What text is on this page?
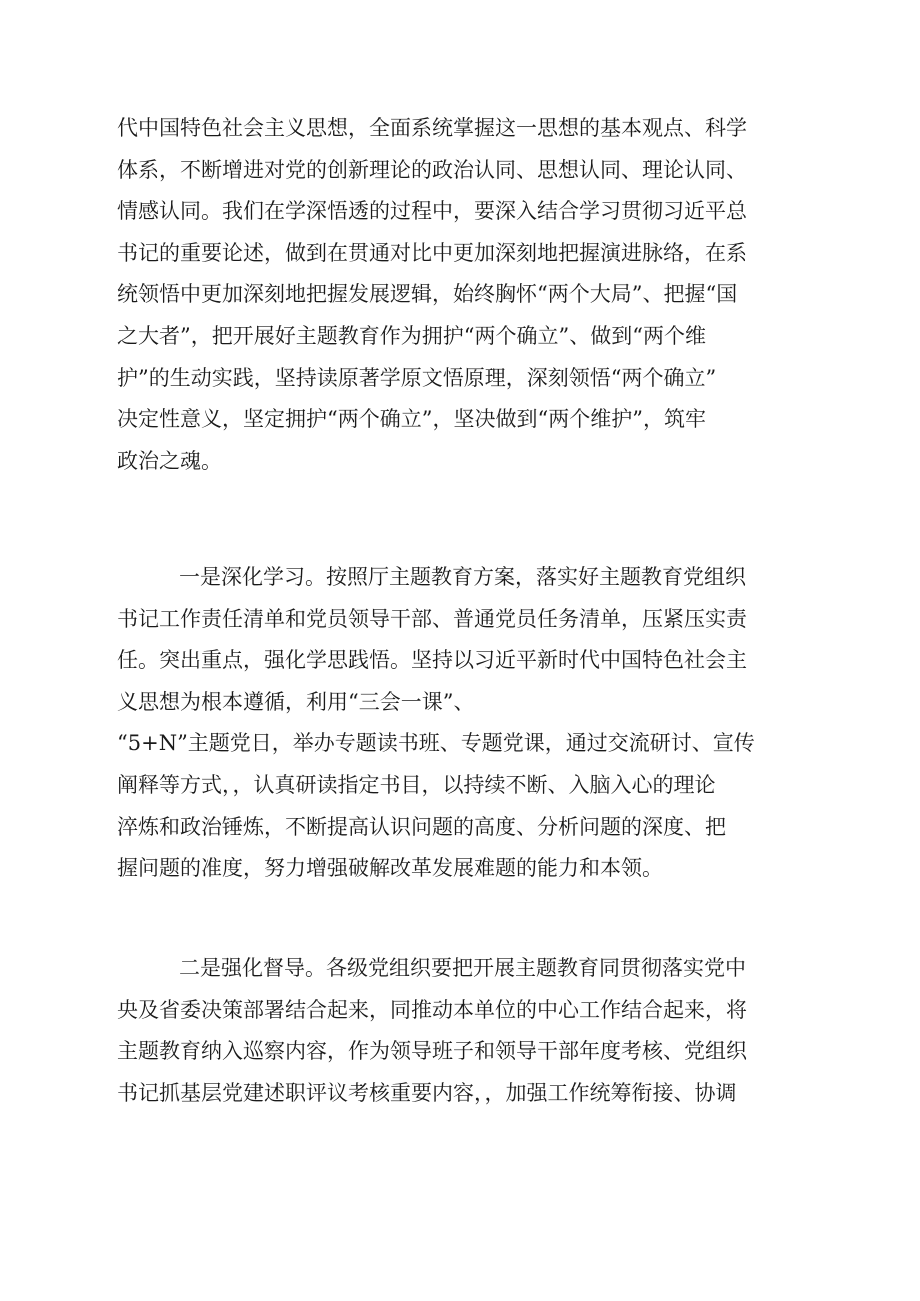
代中国特色社会主义思想，全面系统掌握这一思想的基本观点、科学
体系，不断增进对党的创新理论的政治认同、思想认同、理论认同、
情感认同。我们在学深悟透的过程中，要深入结合学习贯彻习近平总
书记的重要论述，做到在贯通对比中更加深刻地把握演进脉络，在系
统领悟中更加深刻地把握发展逻辑，始终胸怀“两个大局”、把握“国
之大者”，把开展好主题教育作为拥护“两个确立”、做到“两个维
护”的生动实践，坚持读原著学原文悟原理，深刻领悟“两个确立”
决定性意义，坚定拥护“两个确立”，坚决做到“两个维护”，筑牢
政治之魂。
一是深化学习。按照厅主题教育方案，落实好主题教育党组织
书记工作责任清单和党员领导干部、普通党员任务清单，压紧压实责
任。突出重点，强化学思践悟。坚持以习近平新时代中国特色社会主
义思想为根本遵循，利用“三会一课”、
“5+N”主题党日，举办专题读书班、专题党课，通过交流研讨、宣传
阐释等方式，，认真研读指定书目，以持续不断、入脑入心的理论
淬炼和政治锤炼，不断提高认识问题的高度、分析问题的深度、把
握问题的准度，努力增强破解改革发展难题的能力和本领。
二是强化督导。各级党组织要把开展主题教育同贯彻落实党中
央及省委决策部署结合起来，同推动本单位的中心工作结合起来，将
主题教育纳入巡察内容，作为领导班子和领导干部年度考核、党组织
书记抓基层党建述职评议考核重要内容，，加强工作统筹衔接、协调
